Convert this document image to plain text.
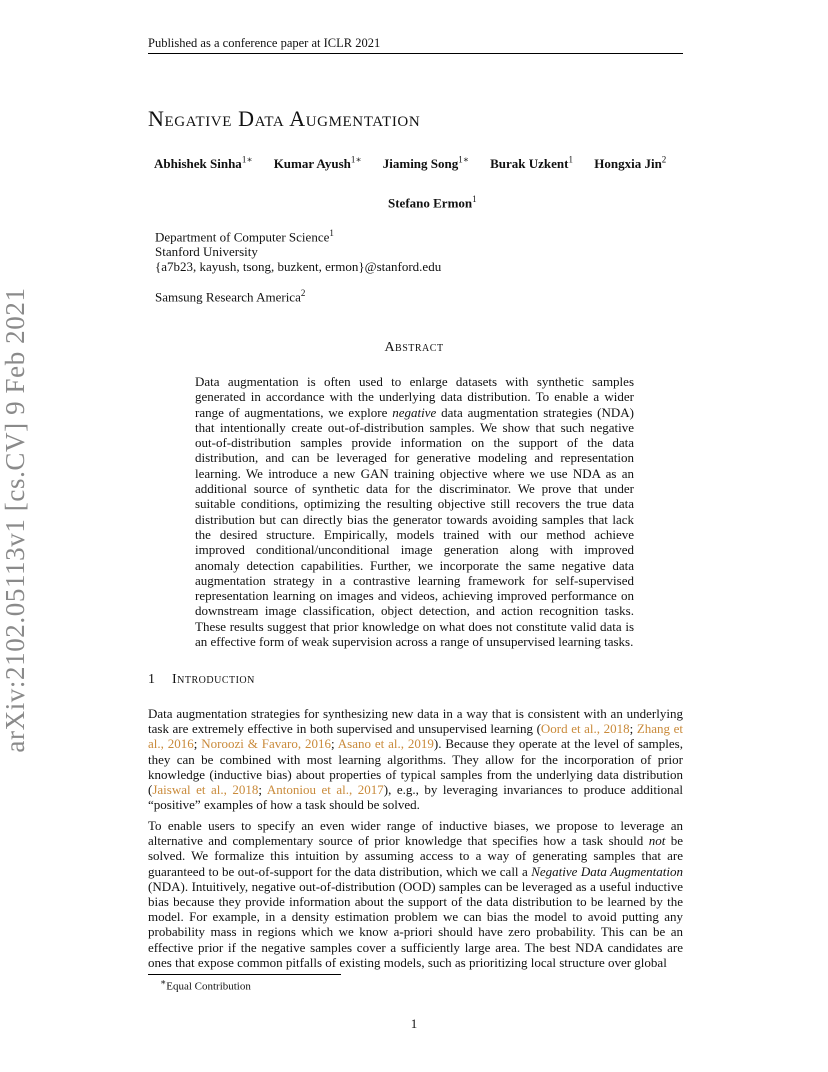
Published as a conference paper at ICLR 2021
arXiv:2102.05113v1 [cs.CV] 9 Feb 2021
Negative Data Augmentation
Abhishek Sinha$^{1∗}$ Kumar Ayush$^{1∗}$ Jiaming Song$^{1∗}$ Burak Uzkent$^1$ Hongxia Jin$^2$
Stefano Ermon$^1$
Department of Computer Science$^1$
Stanford University
{a7b23, kayush, tsong, buzkent, ermon}@stanford.edu
Samsung Research America$^2$
Abstract
Data augmentation is often used to enlarge datasets with synthetic samples generated in accordance with the underlying data distribution. To enable a wider range of augmentations, we explore negative data augmentation strategies (NDA) that intentionally create out-of-distribution samples. We show that such negative out-of-distribution samples provide information on the support of the data distribution, and can be leveraged for generative modeling and representation learning. We introduce a new GAN training objective where we use NDA as an additional source of synthetic data for the discriminator. We prove that under suitable conditions, optimizing the resulting objective still recovers the true data distribution but can directly bias the generator towards avoiding samples that lack the desired structure. Empirically, models trained with our method achieve improved conditional/unconditional image generation along with improved anomaly detection capabilities. Further, we incorporate the same negative data augmentation strategy in a contrastive learning framework for self-supervised representation learning on images and videos, achieving improved performance on downstream image classification, object detection, and action recognition tasks. These results suggest that prior knowledge on what does not constitute valid data is an effective form of weak supervision across a range of unsupervised learning tasks.
1 Introduction
Data augmentation strategies for synthesizing new data in a way that is consistent with an underlying task are extremely effective in both supervised and unsupervised learning (Oord et al., 2018; Zhang et al., 2016; Noroozi & Favaro, 2016; Asano et al., 2019). Because they operate at the level of samples, they can be combined with most learning algorithms. They allow for the incorporation of prior knowledge (inductive bias) about properties of typical samples from the underlying data distribution (Jaiswal et al., 2018; Antoniou et al., 2017), e.g., by leveraging invariances to produce additional “positive” examples of how a task should be solved.
To enable users to specify an even wider range of inductive biases, we propose to leverage an alternative and complementary source of prior knowledge that specifies how a task should not be solved. We formalize this intuition by assuming access to a way of generating samples that are guaranteed to be out-of-support for the data distribution, which we call a Negative Data Augmentation (NDA). Intuitively, negative out-of-distribution (OOD) samples can be leveraged as a useful inductive bias because they provide information about the support of the data distribution to be learned by the model. For example, in a density estimation problem we can bias the model to avoid putting any probability mass in regions which we know a-priori should have zero probability. This can be an effective prior if the negative samples cover a sufficiently large area. The best NDA candidates are ones that expose common pitfalls of existing models, such as prioritizing local structure over global
∗Equal Contribution
1
